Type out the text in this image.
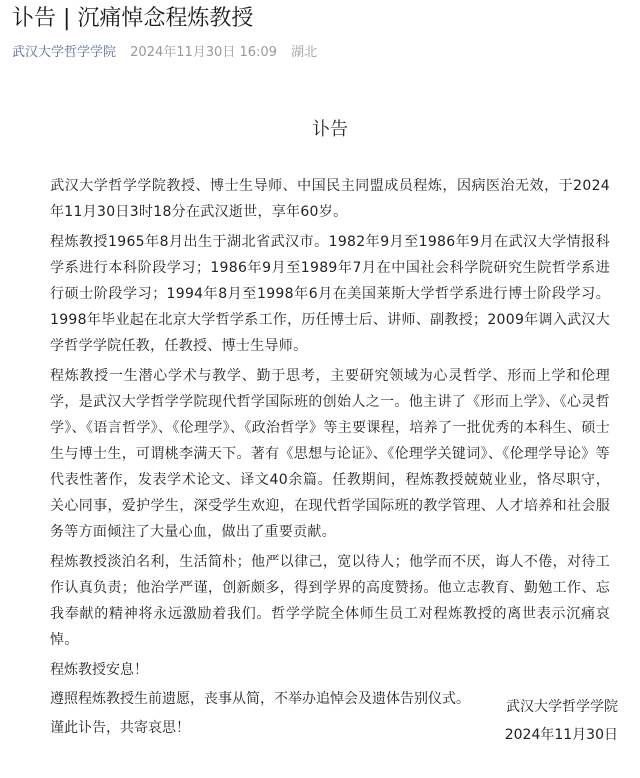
讣告 | 沉痛悼念程炼教授
武汉大学哲学学院 2024年11月30日 16:09 湖北
讣告

武汉大学哲学学院教授、博士生导师、中国民主同盟成员程炼，因病医治无效，于2024年11月30日3时18分在武汉逝世，享年60岁。

程炼教授1965年8月出生于湖北省武汉市。1982年9月至1986年9月在武汉大学情报科学系进行本科阶段学习；1986年9月至1989年7月在中国社会科学院研究生院哲学系进行硕士阶段学习；1994年8月至1998年6月在美国莱斯大学哲学系进行博士阶段学习。1998年毕业起在北京大学哲学系工作，历任博士后、讲师、副教授；2009年调入武汉大学哲学学院任教，任教授、博士生导师。

程炼教授一生潜心学术与教学、勤于思考，主要研究领域为心灵哲学、形而上学和伦理学，是武汉大学哲学学院现代哲学国际班的创始人之一。他主讲了《形而上学》、《心灵哲学》、《语言哲学》、《伦理学》、《政治哲学》等主要课程，培养了一批优秀的本科生、硕士生与博士生，可谓桃李满天下。著有《思想与论证》、《伦理学关键词》、《伦理学导论》等代表性著作，发表学术论文、译文40余篇。任教期间，程炼教授兢兢业业，恪尽职守，关心同事，爱护学生，深受学生欢迎，在现代哲学国际班的教学管理、人才培养和社会服务等方面倾注了大量心血，做出了重要贡献。

程炼教授淡泊名利，生活简朴；他严以律己，宽以待人；他学而不厌，诲人不倦，对待工作认真负责；他治学严谨，创新颇多，得到学界的高度赞扬。他立志教育、勤勉工作、忘我奉献的精神将永远激励着我们。哲学学院全体师生员工对程炼教授的离世表示沉痛哀悼。

程炼教授安息！
遵照程炼教授生前遗愿，丧事从简，不举办追悼会及遗体告别仪式。
谨此讣告，共寄哀思！
武汉大学哲学学院
2024年11月30日
